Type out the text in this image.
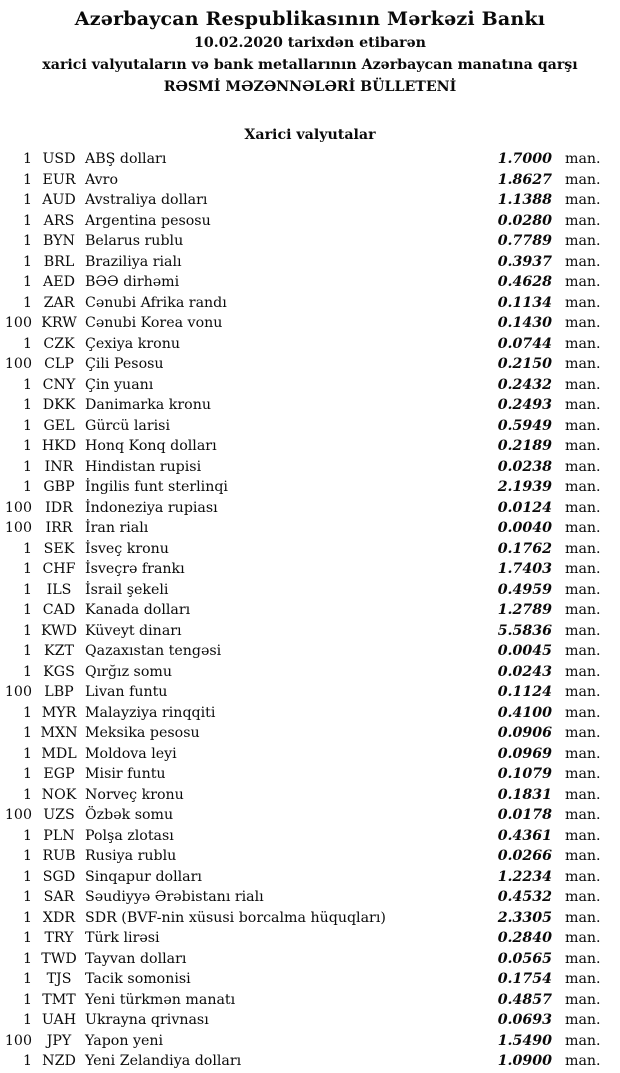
Azərbaycan Respublikasının Mərkəzi Bankı

10.02.2020 tarixdən etibarən

xarici valyutaların və bank metallarının Azərbaycan manatına qarşı

RƏSMİ MƏZƏNNƏLƏRİ BÜLLETENİ

Xarici valyutalar
1 USD ABŞ dolları	1.7000 man.
1 EUR Avro	1.8627 man.
1 AUD Avstraliya dolları	1.1388 man.
1 ARS Argentina pesosu	0.0280 man.
1 BYN Belarus rublu	0.7789 man.
1 BRL Braziliya rialı	0.3937 man.
1 AED BƏƏ dirhəmi	0.4628 man.
1 ZAR Cənubi Afrika randı	0.1134 man.
100 KRW Cənubi Korea vonu	0.1430 man.
1 CZK Çexiya kronu	0.0744 man.
100 CLP Çili Pesosu	0.2150 man.
1 CNY Çin yuanı	0.2432 man.
1 DKK Danimarka kronu	0.2493 man.
1 GEL Gürcü larisi	0.5949 man.
1 HKD Honq Konq dolları	0.2189 man.
1 INR Hindistan rupisi	0.0238 man.
1 GBP İngilis funt sterlinqi	2.1939 man.
100 IDR İndoneziya rupiası	0.0124 man.
100 IRR İran rialı	0.0040 man.
1 SEK İsveç kronu	0.1762 man.
1 CHF İsveçrə frankı	1.7403 man.
1	ILS İsrail şekeli	0.4959 man.
1 CAD Kanada dolları	1.2789 man.
1 KWD Küveyt dinarı	5.5836 man.
1 KZT Qazaxıstan tengəsi	0.0045 man.
1 KGS Qırğız somu	0.0243 man.
100 LBP Livan funtu	0.1124 man.
1 MYR Malayziya rinqqiti	0.4100 man.
1 MXN Meksika pesosu	0.0906 man.
1 MDL Moldova leyi	0.0969 man.
1 EGP Misir funtu	0.1079 man.
1 NOK Norveç kronu	0.1831 man.
100 UZS Özbək somu	0.0178 man.
1 PLN Polşa zlotası	0.4361 man.
1 RUB Rusiya rublu	0.0266 man.
1 SGD Sinqapur dolları	1.2234 man.
1 SAR Səudiyyə Ərəbistanı rialı	0.4532 man.
1 XDR SDR (BVF-nin xüsusi borcalma hüquqları)	2.3305 man.
1 TRY Türk lirəsi	0.2840 man.
1 TWD Tayvan dolları	0.0565 man.
1	TJS Tacik somonisi	0.1754 man.
1 TMT Yeni türkmən manatı	0.4857 man.
1 UAH Ukrayna qrivnası	0.0693 man.
100	JPY Yapon yeni	1.5490 man.
1 NZD Yeni Zelandiya dolları	1.0900 man.
